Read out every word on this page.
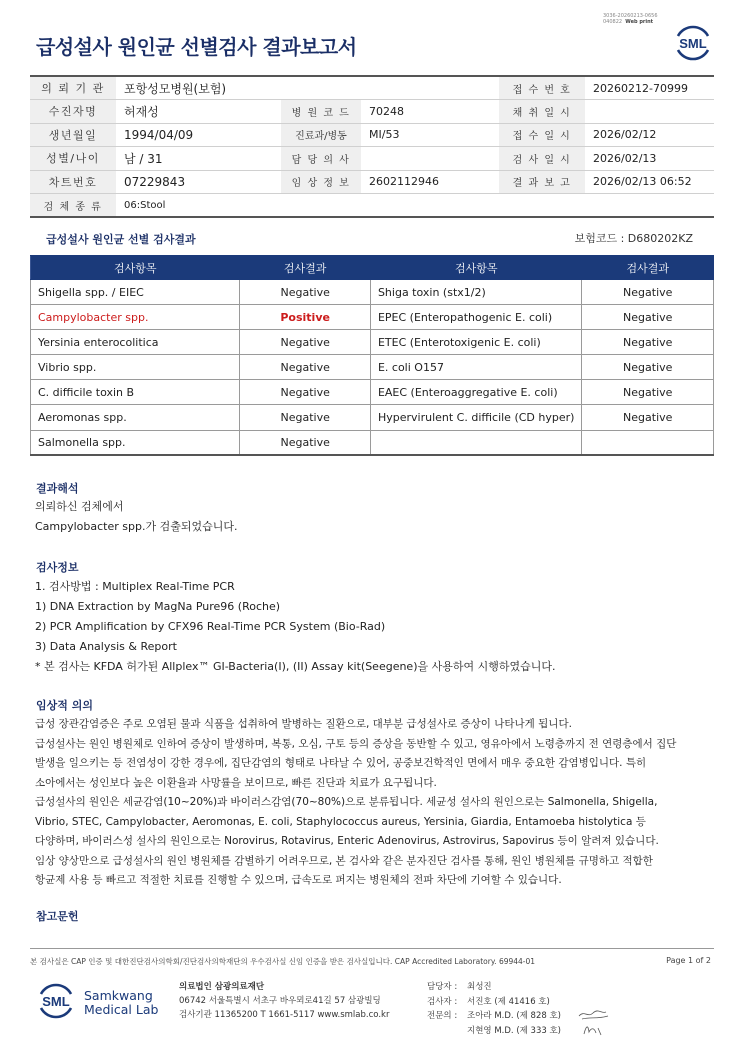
3036-20260213-0656
040822 Web print
급성설사 원인균 선별검사 결과보고서	SML
의 뢰 기 관	포항성모병원(보험)			접 수 번 호	20260212-70999
수진자명	허재성	병 원 코 드	70248	채 취 일 시	
생년월일	1994/04/09	진료과/병동	MI/53	접 수 일 시	2026/02/12
성별/나이	남 / 31	담 당 의 사		검 사 일 시	2026/02/13
차트번호	07229843	임 상 정 보	2602112946	결 과 보 고	2026/02/13 06:52
검 체 종 류	06:Stool				
급성설사 원인균 선별 검사결과	보험코드 : D680202KZ
검사항목	검사결과	검사항목	검사결과
Shigella spp. / EIEC	Negative	Shiga toxin (stx1/2)	Negative
Campylobacter spp.	Positive	EPEC (Enteropathogenic E. coli)	Negative
Yersinia enterocolitica	Negative	ETEC (Enterotoxigenic E. coli)	Negative
Vibrio spp.	Negative	E. coli O157	Negative
C. difficile toxin B	Negative	EAEC (Enteroaggregative E. coli)	Negative
Aeromonas spp.	Negative	Hypervirulent C. difficile (CD hyper)	Negative
Salmonella spp.	Negative		
결과해석
의뢰하신 검체에서
Campylobacter spp.가 검출되었습니다.
검사정보
1. 검사방법 : Multiplex Real-Time PCR
1) DNA Extraction by MagNa Pure96 (Roche)
2) PCR Amplification by CFX96 Real-Time PCR System (Bio-Rad)
3) Data Analysis & Report
* 본 검사는 KFDA 허가된 Allplex™ GI-Bacteria(I), (II) Assay kit(Seegene)을 사용하여 시행하였습니다.
임상적 의의
급성 장관감염증은 주로 오염된 물과 식품을 섭취하여 발병하는 질환으로, 대부분 급성설사로 증상이 나타나게 됩니다.
급성설사는 원인 병원체로 인하여 증상이 발생하며, 복통, 오심, 구토 등의 증상을 동반할 수 있고, 영유아에서 노령층까지 전 연령층에서 집단
발생을 일으키는 등 전염성이 강한 경우에, 집단감염의 형태로 나타날 수 있어, 공중보건학적인 면에서 매우 중요한 감염병입니다. 특히
소아에서는 성인보다 높은 이환율과 사망률을 보이므로, 빠른 진단과 치료가 요구됩니다.
급성설사의 원인은 세균감염(10~20%)과 바이러스감염(70~80%)으로 분류됩니다. 세균성 설사의 원인으로는 Salmonella, Shigella,
Vibrio, STEC, Campylobacter, Aeromonas, E. coli, Staphylococcus aureus, Yersinia, Giardia, Entamoeba histolytica 등
다양하며, 바이러스성 설사의 원인으로는 Norovirus, Rotavirus, Enteric Adenovirus, Astrovirus, Sapovirus 등이 알려져 있습니다.
임상 양상만으로 급성설사의 원인 병원체를 감별하기 어려우므로, 본 검사와 같은 분자진단 검사를 통해, 원인 병원체를 규명하고 적합한
항균제 사용 등 빠르고 적절한 치료를 진행할 수 있으며, 급속도로 퍼지는 병원체의 전파 차단에 기여할 수 있습니다.
참고문헌
본 검사실은 CAP 인증 및 대한진단검사의학회/진단검사의학재단의 우수검사실 신임 인증을 받은 검사실입니다. CAP Accredited Laboratory. 69944-01	Page 1 of 2
SML Samkwang
Medical Lab
의료법인 삼광의료재단
06742 서울특별시 서초구 바우뫼로41길 57 삼광빌딩
검사기관 11365200 T 1661-5117 www.smlab.co.kr
담당자 :	최성진
검사자 :	서진호 (제 41416 호)
전문의 :	조아라 M.D. (제 828 호)
지현영 M.D. (제 333 호)
